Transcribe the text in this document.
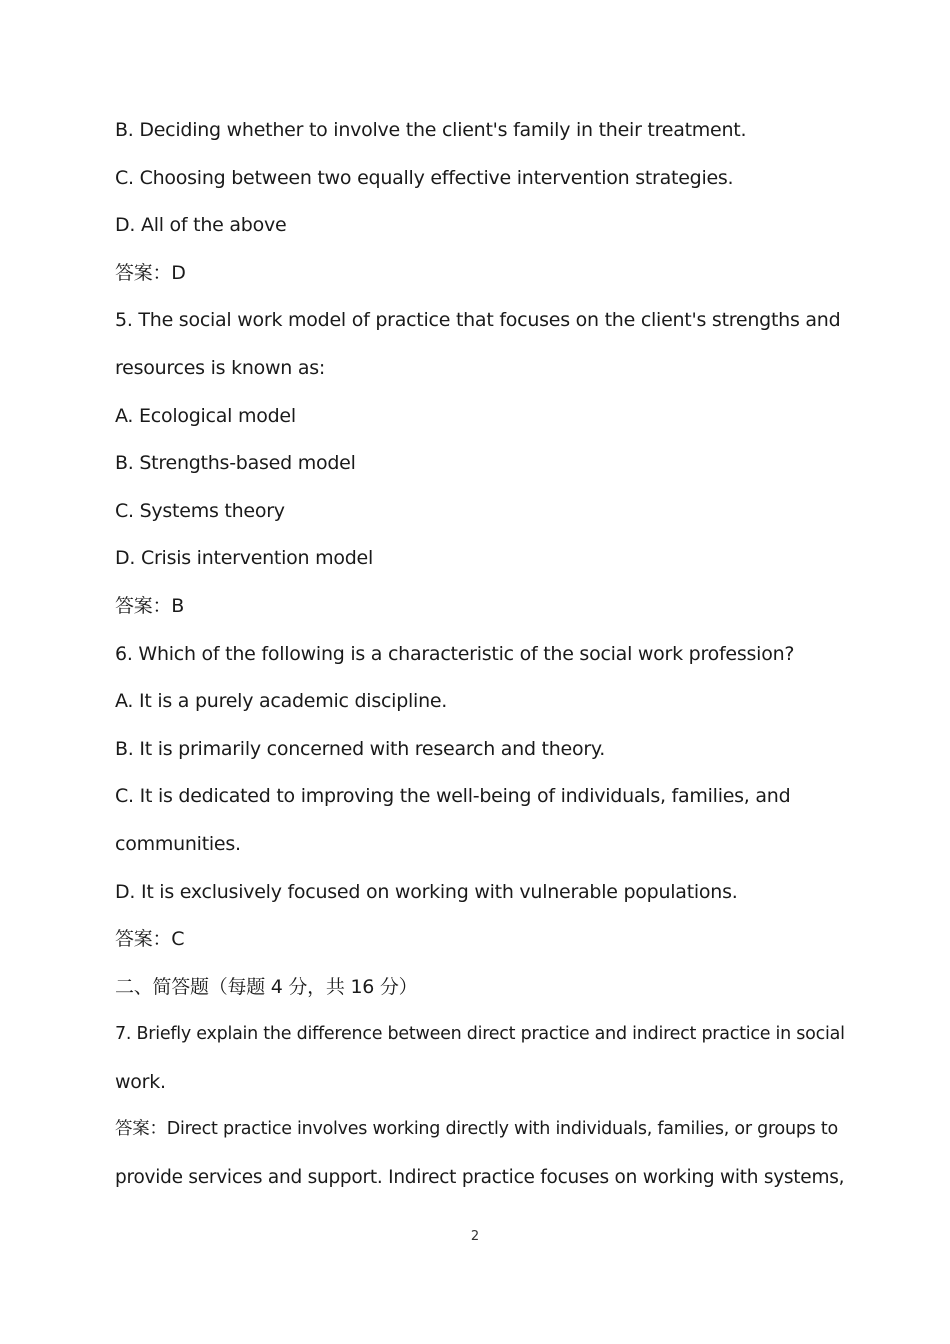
B. Deciding whether to involve the client's family in their treatment.
C. Choosing between two equally effective intervention strategies.
D. All of the above
答案：D
5. The social work model of practice that focuses on the client's strengths and
resources is known as:
A. Ecological model
B. Strengths-based model
C. Systems theory
D. Crisis intervention model
答案：B
6. Which of the following is a characteristic of the social work profession?
A. It is a purely academic discipline.
B. It is primarily concerned with research and theory.
C. It is dedicated to improving the well-being of individuals, families, and
communities.
D. It is exclusively focused on working with vulnerable populations.
答案：C
二、简答题（每题 4 分，共 16 分）
7. Briefly explain the difference between direct practice and indirect practice in social
work.
答案：Direct practice involves working directly with individuals, families, or groups to
provide services and support. Indirect practice focuses on working with systems,
2
